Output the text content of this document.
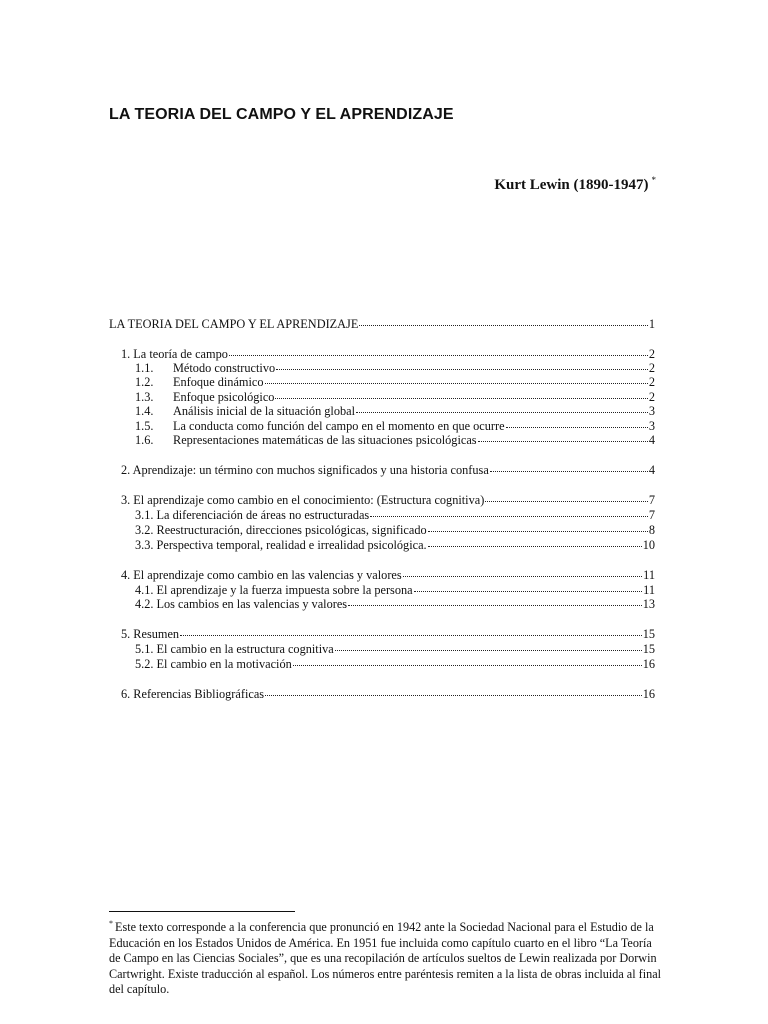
LA TEORIA DEL CAMPO Y EL APRENDIZAJE
Kurt Lewin (1890-1947) *
LA TEORIA DEL CAMPO Y EL APRENDIZAJE	1
1. La teoría de campo	2
1.1.	Método constructivo	2
1.2.	Enfoque dinámico	2
1.3.	Enfoque psicológico	2
1.4.	Análisis inicial de la situación global	3
1.5.	La conducta como función del campo en el momento en que ocurre	3
1.6.	Representaciones matemáticas de las situaciones psicológicas	4
2. Aprendizaje: un término con muchos significados y una historia confusa	4
3. El aprendizaje como cambio en el conocimiento: (Estructura cognitiva)	7
3.1. La diferenciación de áreas no estructuradas	7
3.2. Reestructuración, direcciones psicológicas, significado	8
3.3. Perspectiva temporal, realidad e irrealidad psicológica.	10
4. El aprendizaje como cambio en las valencias y valores	11
4.1. El aprendizaje y la fuerza impuesta sobre la persona	11
4.2. Los cambios en las valencias y valores	13
5. Resumen	15
5.1. El cambio en la estructura cognitiva	15
5.2. El cambio en la motivación	16
6. Referencias Bibliográficas	16
* Este texto corresponde a la conferencia que pronunció en 1942 ante la Sociedad Nacional para el Estudio de la Educación en los Estados Unidos de América. En 1951 fue incluida como capítulo cuarto en el libro “La Teoría de Campo en las Ciencias Sociales”, que es una recopilación de artículos sueltos de Lewin realizada por Dorwin Cartwright. Existe traducción al español. Los números entre paréntesis remiten a la lista de obras incluida al final del capítulo.
